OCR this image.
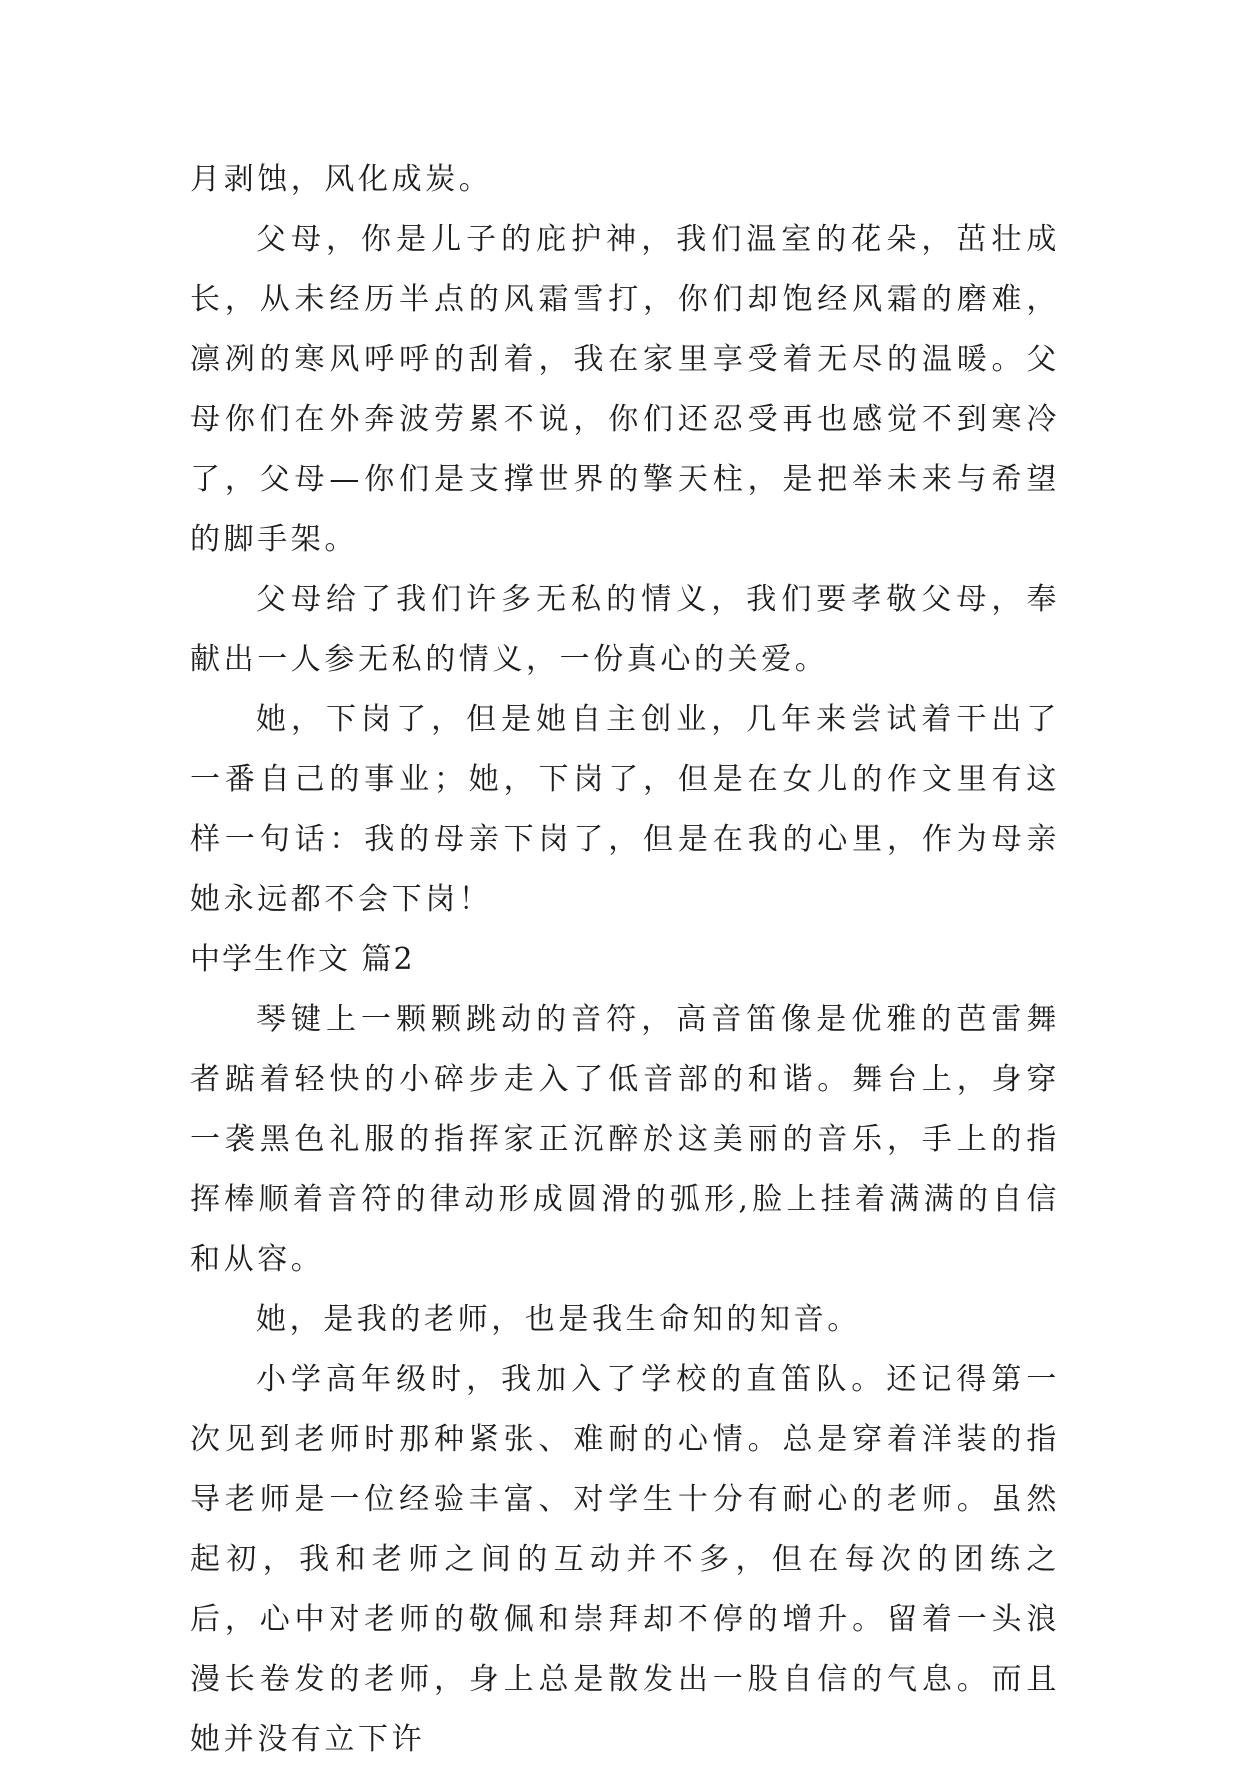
月剥蚀，风化成炭。

父母，你是儿子的庇护神，我们温室的花朵，茁壮成长，从未经历半点的风霜雪打，你们却饱经风霜的磨难，凛冽的寒风呼呼的刮着，我在家里享受着无尽的温暖。父母你们在外奔波劳累不说，你们还忍受再也感觉不到寒冷了，父母—你们是支撑世界的擎天柱，是把举未来与希望的脚手架。

父母给了我们许多无私的情义，我们要孝敬父母，奉献出一人参无私的情义，一份真心的关爱。

她，下岗了，但是她自主创业，几年来尝试着干出了一番自己的事业；她，下岗了，但是在女儿的作文里有这样一句话：我的母亲下岗了，但是在我的心里，作为母亲她永远都不会下岗！

中学生作文 篇2

琴键上一颗颗跳动的音符，高音笛像是优雅的芭雷舞者踮着轻快的小碎步走入了低音部的和谐。舞台上，身穿一袭黑色礼服的指挥家正沉醉於这美丽的音乐，手上的指挥棒顺着音符的律动形成圆滑的弧形,脸上挂着满满的自信和从容。

她，是我的老师，也是我生命知的知音。

小学高年级时，我加入了学校的直笛队。还记得第一次见到老师时那种紧张、难耐的心情。总是穿着洋装的指导老师是一位经验丰富、对学生十分有耐心的老师。虽然起初，我和老师之间的互动并不多，但在每次的团练之后，心中对老师的敬佩和崇拜却不停的增升。留着一头浪漫长卷发的老师，身上总是散发出一股自信的气息。而且她并没有立下许
